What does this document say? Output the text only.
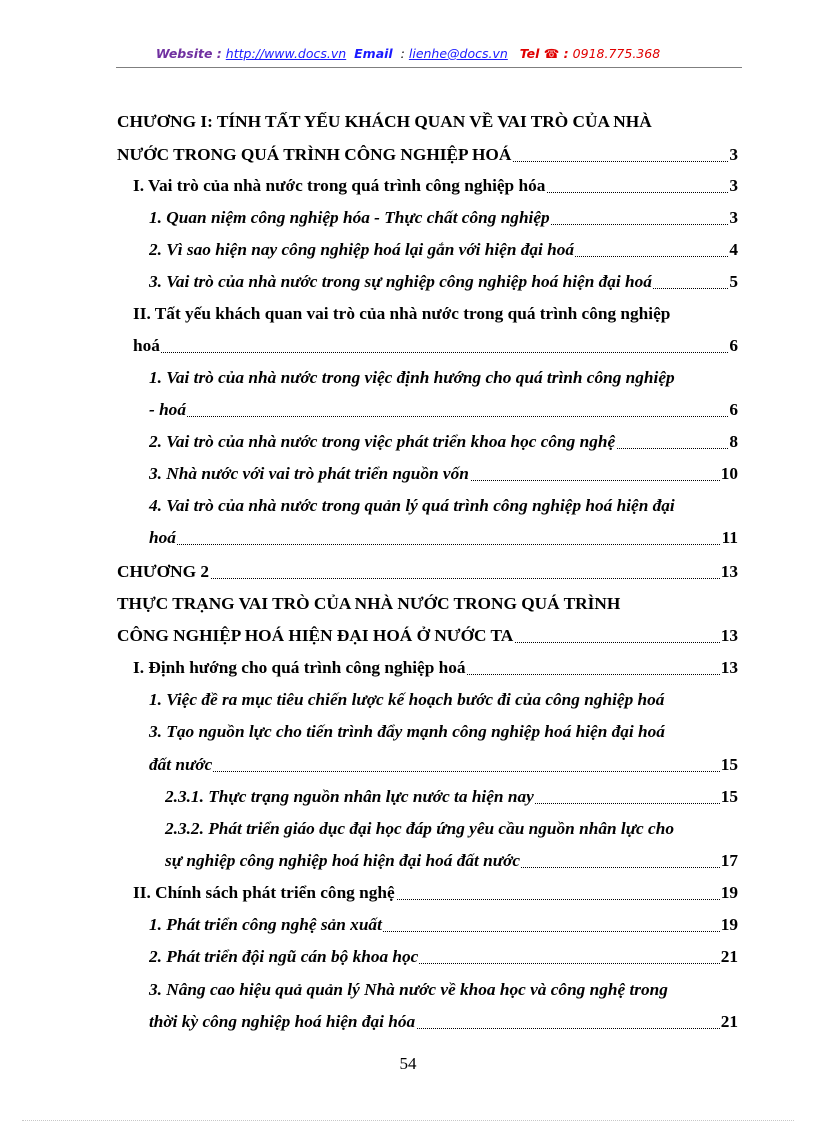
Website : http://www.docs.vn Email : lienhe@docs.vn Tel ☎ : 0918.775.368
CHƯƠNG I: TÍNH TẤT YẾU KHÁCH QUAN VỀ VAI TRÒ CỦA NHÀ
NƯỚC TRONG QUÁ TRÌNH CÔNG NGHIỆP HOÁ	3
I. Vai trò của nhà nước trong quá trình công nghiệp hóa	3
1. Quan niệm công nghiệp hóa - Thực chất công nghiệp	3
2. Vì sao hiện nay công nghiệp hoá lại gắn với hiện đại hoá	4
3. Vai trò của nhà nước trong sự nghiệp công nghiệp hoá hiện đại hoá	5
II. Tất yếu khách quan vai trò của nhà nước trong quá trình công nghiệp
hoá	6
1. Vai trò của nhà nước trong việc định hướng cho quá trình công nghiệp
- hoá	6
2. Vai trò của nhà nước trong việc phát triển khoa học công nghệ	8
3. Nhà nước với vai trò phát triển nguồn vốn	10
4. Vai trò của nhà nước trong quản lý quá trình công nghiệp hoá hiện đại
hoá	11
CHƯƠNG 2	13
THỰC TRẠNG VAI TRÒ CỦA NHÀ NƯỚC TRONG QUÁ TRÌNH
CÔNG NGHIỆP HOÁ HIỆN ĐẠI HOÁ Ở NƯỚC TA	13
I. Định hướng cho quá trình công nghiệp hoá	13
1. Việc đề ra mục tiêu chiến lược kế hoạch bước đi của công nghiệp hoá
3. Tạo nguồn lực cho tiến trình đẩy mạnh công nghiệp hoá hiện đại hoá
đất nước	15
2.3.1. Thực trạng nguồn nhân lực nước ta hiện nay	15
2.3.2. Phát triển giáo dục đại học đáp ứng yêu cầu nguồn nhân lực cho
sự nghiệp công nghiệp hoá hiện đại hoá đất nước	17
II. Chính sách phát triển công nghệ	19
1. Phát triển công nghệ sản xuất	19
2. Phát triển đội ngũ cán bộ khoa học	21
3. Nâng cao hiệu quả quản lý Nhà nước về khoa học và công nghệ trong
thời kỳ công nghiệp hoá hiện đại hóa	21
54
